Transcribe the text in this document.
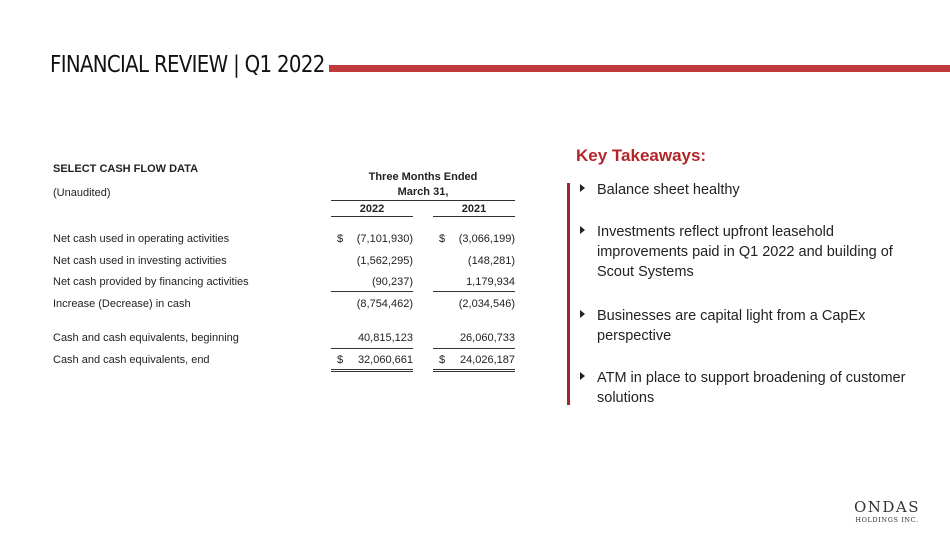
FINANCIAL REVIEW | Q1 2022
SELECT CASH FLOW DATA
(Unaudited)
Three Months Ended
March 31,
2022	2021
Net cash used in operating activities	$	(7,101,930) $	(3,066,199)
Net cash used in investing activities	(1,562,295)	(148,281)
Net cash provided by financing activities	(90,237)	1,179,934
Increase (Decrease) in cash	(8,754,462)	(2,034,546)
Cash and cash equivalents, beginning	40,815,123	26,060,733
Cash and cash equivalents, end	$	32,060,661 $	24,026,187
Key Takeaways:
Balance sheet healthy
Investments reflect upfront leasehold improvements paid in Q1 2022 and building of Scout Systems
Businesses are capital light from a CapEx perspective
ATM in place to support broadening of customer solutions
ONDAS
HOLDINGS INC.
